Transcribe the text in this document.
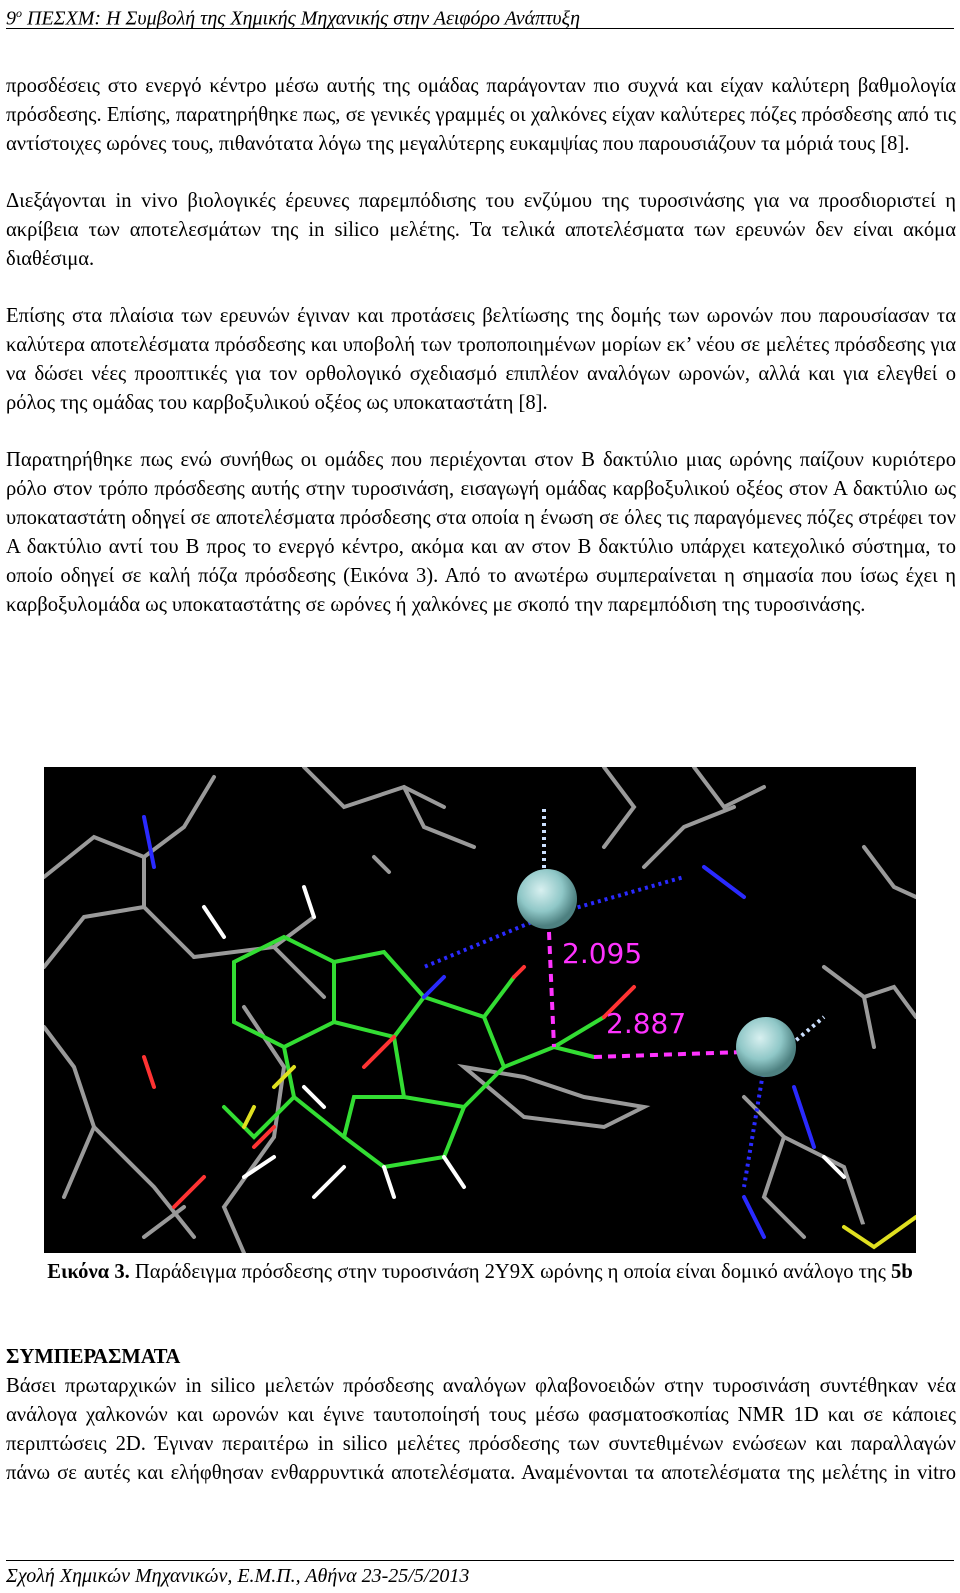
$9^o$ ΠΕΣΧΜ: Η Συμβολή της Χημικής Μηχανικής στην Αειφόρο Ανάπτυξη

προσδέσεις στο ενεργό κέντρο μέσω αυτής της ομάδας παράγονταν πιο συχνά και είχαν καλύτερη βαθμολογία πρόσδεσης. Επίσης, παρατηρήθηκε πως, σε γενικές γραμμές οι χαλκόνες είχαν καλύτερες πόζες πρόσδεσης από τις αντίστοιχες ωρόνες τους, πιθανότατα λόγω της μεγαλύτερης ευκαμψίας που παρουσιάζουν τα μόριά τους [8].

Διεξάγονται in vivo βιολογικές έρευνες παρεμπόδισης του ενζύμου της τυροσινάσης για να προσδιοριστεί η ακρίβεια των αποτελεσμάτων της in silico μελέτης. Τα τελικά αποτελέσματα των ερευνών δεν είναι ακόμα διαθέσιμα.

Επίσης στα πλαίσια των ερευνών έγιναν και προτάσεις βελτίωσης της δομής των ωρονών που παρουσίασαν τα καλύτερα αποτελέσματα πρόσδεσης και υποβολή των τροποποιημένων μορίων εκ’ νέου σε μελέτες πρόσδεσης για να δώσει νέες προοπτικές για τον ορθολογικό σχεδιασμό επιπλέον αναλόγων ωρονών, αλλά και για ελεγθεί ο ρόλος της ομάδας του καρβοξυλικού οξέος ως υποκαταστάτη [8].

Παρατηρήθηκε πως ενώ συνήθως οι ομάδες που περιέχονται στον Β δακτύλιο μιας ωρόνης παίζουν κυριότερο ρόλο στον τρόπο πρόσδεσης αυτής στην τυροσινάση, εισαγωγή ομάδας καρβοξυλικού οξέος στον Α δακτύλιο ως υποκαταστάτη οδηγεί σε αποτελέσματα πρόσδεσης στα οποία η ένωση σε όλες τις παραγόμενες πόζες στρέφει τον Α δακτύλιο αντί του Β προς το ενεργό κέντρο, ακόμα και αν στον Β δακτύλιο υπάρχει κατεχολικό σύστημα, το οποίο οδηγεί σε καλή πόζα πρόσδεσης (Εικόνα 3). Από το ανωτέρω συμπεραίνεται η σημασία που ίσως έχει η καρβοξυλομάδα ως υποκαταστάτης σε ωρόνες ή χαλκόνες με σκοπό την παρεμπόδιση της τυροσινάσης.

2.095
2.887
Εικόνα 3. Παράδειγμα πρόσδεσης στην τυροσινάση 2Υ9Χ ωρόνης η οποία είναι δομικό ανάλογο της 5b
ΣΥΜΠΕΡΑΣΜΑΤΑ

Βάσει πρωταρχικών in silico μελετών πρόσδεσης αναλόγων φλαβονοειδών στην τυροσινάση συντέθηκαν νέα ανάλογα χαλκονών και ωρονών και έγινε ταυτοποίησή τους μέσω φασματοσκοπίας NMR 1D και σε κάποιες περιπτώσεις 2D. Έγιναν περαιτέρω in silico μελέτες πρόσδεσης των συντεθιμένων ενώσεων και παραλλαγών πάνω σε αυτές και ελήφθησαν ενθαρρυντικά αποτελέσματα. Αναμένονται τα αποτελέσματα της μελέτης in vitro

Σχολή Χημικών Μηχανικών, Ε.Μ.Π., Αθήνα 23-25/5/2013
